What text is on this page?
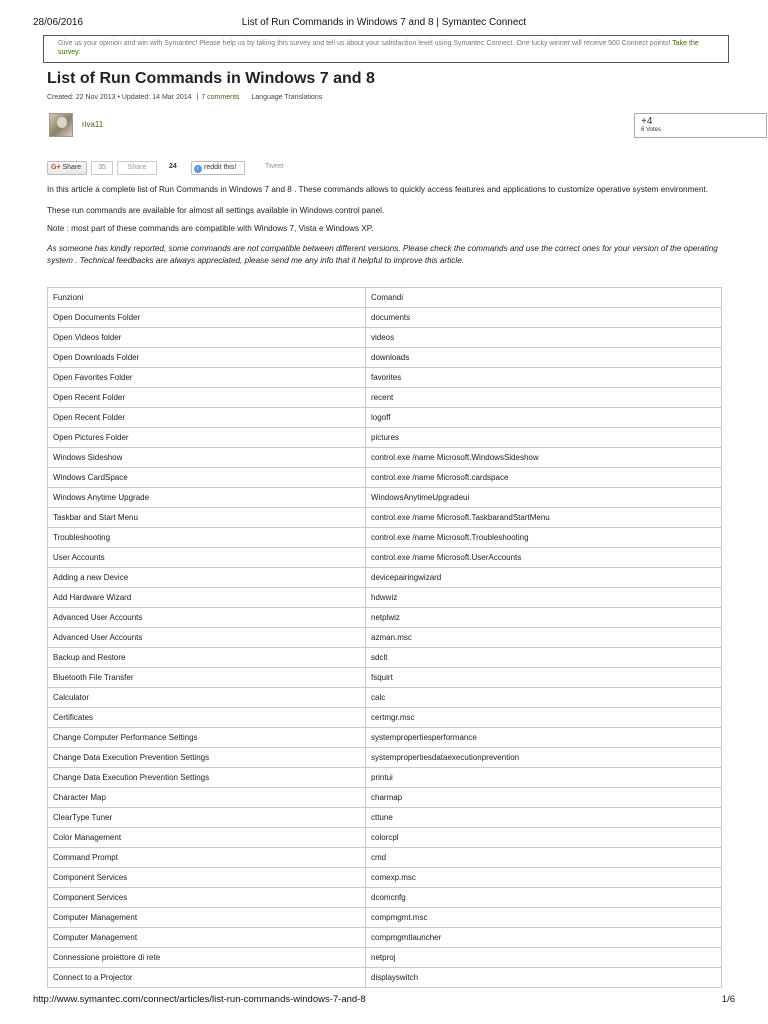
28/06/2016	List of Run Commands in Windows 7 and 8 | Symantec Connect
Give us your opinion and win with Symantec! Please help us by taking this survey and tell us about your satisfaction level using Symantec Connect. One lucky winner will receive 500 Connect points! Take the survey.
List of Run Commands in Windows 7 and 8
Created: 22 Nov 2013 • Updated: 14 Mar 2014 | 7 comments Language Translations
riva11	+4
6 Votes
G+ Share	35	Share	24	r reddit this!	Tweet

In this article a complete list of Run Commands in Windows 7 and 8 . These commands allows to quickly access features and applications to customize operative system environment.

These run commands are available for almost all settings available in Windows control panel.

Note : most part of these commands are compatible with Windows 7, Vista e Windows XP.

As someone has kindly reported, some commands are not compatible between different versions. Please check the commands and use the correct ones for your version of the operating system . Technical feedbacks are always appreciated, please send me any info that it helpful to improve this article.

Funzioni	Comandi
Open Documents Folder	documents
Open Videos folder	videos
Open Downloads Folder	downloads
Open Favorites Folder	favorites
Open Recent Folder	recent
Open Recent Folder	logoff
Open Pictures Folder	pictures
Windows Sideshow	control.exe /name Microsoft.WindowsSideshow
Windows CardSpace	control.exe /name Microsoft.cardspace
Windows Anytime Upgrade	WindowsAnytimeUpgradeui
Taskbar and Start Menu	control.exe /name Microsoft.TaskbarandStartMenu
Troubleshooting	control.exe /name Microsoft.Troubleshooting
User Accounts	control.exe /name Microsoft.UserAccounts
Adding a new Device	devicepairingwizard
Add Hardware Wizard	hdwwiz
Advanced User Accounts	netplwiz
Advanced User Accounts	azman.msc
Backup and Restore	sdclt
Bluetooth File Transfer	fsquirt
Calculator	calc
Certificates	certmgr.msc
Change Computer Performance Settings	systempropertiesperformance
Change Data Execution Prevention Settings	systempropertiesdataexecutionprevention
Change Data Execution Prevention Settings	printui
Character Map	charmap
ClearType Tuner	cttune
Color Management	colorcpl
Command Prompt	cmd
Component Services	comexp.msc
Component Services	dcomcnfg
Computer Management	compmgmt.msc
Computer Management	compmgmtlauncher
Connessione proiettore di rete	netproj
Connect to a Projector	displayswitch
http://www.symantec.com/connect/articles/list-run-commands-windows-7-and-8	1/6
